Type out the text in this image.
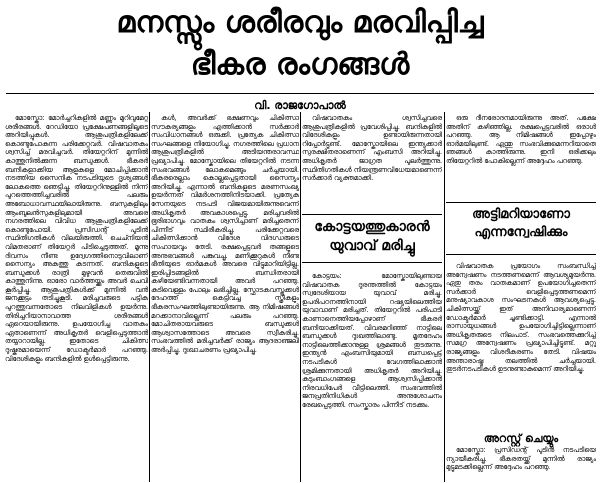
മനസ്സും ശരീരവും മരവിപ്പിച്ച
ഭീകര രംഗങ്ങൾ
വി. രാജഗോപാൽ

മോസ്കോ: മോർച്ചറികളിൽ മണ്ണും മുറിവുമേറ്റ ശരീരങ്ങൾ. റേഡിയോ പ്രക്ഷേപണങ്ങളിലൂടെ അറിയിപ്പുകൾ. ആശുപത്രികളിലേക്ക് കൊണ്ടുപോകുന്ന പരിക്കേറ്റവർ. വിഷവാതകം ശ്വസിച്ച് മരവിച്ചവർ. തിയേറ്ററിന് മുന്നിൽ കാത്തുനിൽക്കുന്ന ബന്ധുക്കൾ. ഭീകരർ ബന്ദികളാക്കിയ ആളുകളെ മോചിപ്പിക്കാൻ നടത്തിയ സൈനിക നടപടിയുടെ ദൃശ്യങ്ങൾ ലോകത്തെ ഞെട്ടിച്ചു. തിയേറ്ററിനുള്ളിൽ നിന്ന് പുറത്തെത്തിച്ചവരിൽ പലരും അബോധാവസ്ഥയിലായിരുന്നു. ബസുകളിലും ആംബുലൻസുകളിലുമായി അവരെ നഗരത്തിലെ വിവിധ ആശുപത്രികളിലേക്ക് കൊണ്ടുപോയി. പ്രസിഡന്റ് പുടിൻ സ്ഥിതിഗതികൾ വിലയിരുത്തി. ചെച്നിയൻ വിമതരാണ് തിയേറ്റർ പിടിച്ചെടുത്തത്. മൂന്നു ദിവസം നീണ്ട ഉദ്വേഗത്തിനൊടുവിലാണ് സൈന്യം അകത്തു കടന്നത്. ബന്ദികളുടെ ബന്ധുക്കൾ രാത്രി മുഴുവൻ തെരുവിൽ കാത്തുനിന്നു. ഓരോ വാർത്തയ്ക്കും അവർ ചെവി കൂർപ്പിച്ചു. ആശുപത്രികൾക്ക് മുന്നിൽ വൻ ജനക്കൂട്ടം തടിച്ചുകൂടി. മരിച്ചവരുടെ പട്ടിക പുറത്തുവന്നതോടെ നിലവിളികൾ ഉയർന്നു. തിരിച്ചറിയാനാവാത്ത ശരീരങ്ങൾ ഏറെയായിരുന്നു. ഉപയോഗിച്ച വാതകം ഏതാണെന്ന് അധികൃതർ വെളിപ്പെടുത്താൻ തയ്യാറായില്ല. ഇതോടെ ചികിത്സ ദുഷ്കരമായെന്ന് ഡോക്ടർമാർ പറഞ്ഞു. വിദേശികളും ബന്ദികളിൽ ഉൾപ്പെട്ടിരുന്നു.

കൾ, അവർക്ക് ഭക്ഷണവും ചികിത്സാ സൗകര്യങ്ങളും എത്തിക്കാൻ സർക്കാർ സംവിധാനങ്ങൾ ഒരുക്കി. പ്രത്യേക ചികിത്സാ സംഘങ്ങളെ നിയോഗിച്ചു. നഗരത്തിലെ പ്രധാന ആശുപത്രികളിൽ അടിയന്തരാവസ്ഥ പ്രഖ്യാപിച്ചു. മോസ്കോയിലെ തിയേറ്ററിൽ നടന്ന സംഭവങ്ങൾ ലോകമെങ്ങും ചർച്ചയായി. ഭീകരരെല്ലാം കൊല്ലപ്പെട്ടതായി സൈന്യം അറിയിച്ചു. എന്നാൽ ബന്ദികളുടെ മരണസംഖ്യ ഉയർന്നത് വിമർശനത്തിനിടയാക്കി. പ്രത്യേക സേനയുടെ നടപടി വിജയമായിരുന്നുവെന്ന് അധികൃതർ അവകാശപ്പെട്ടു. മരിച്ചവരിൽ ഭൂരിഭാഗവും വാതകം ശ്വസിച്ചാണ് മരിച്ചതെന്ന് പിന്നീട് സ്ഥിരീകരിച്ചു. പരിക്കേറ്റവരെ ചികിത്സിക്കാൻ വിദേശ വിദഗ്ധരുടെ സഹായവും തേടി. രക്ഷപ്പെട്ടവർ തങ്ങളുടെ അനുഭവങ്ങൾ പങ്കുവച്ചു. മണിക്കൂറുകൾ നീണ്ട ഭീതിയുടെ ഓർമകൾ അവരെ വിട്ടുമാറിയിട്ടില്ല. ഇരിപ്പിടങ്ങളിൽ ബന്ധിതരായി കഴിയേണ്ടിവന്നതായി അവർ പറഞ്ഞു. കുടിവെള്ളം പോലും ലഭിച്ചില്ല. സ്ഫോടകവസ്തുക്കൾ ദേഹത്ത് കെട്ടിവച്ച സ്ത്രീകളും ഭീകരസംഘത്തിലുണ്ടായിരുന്നു. ആ നിമിഷങ്ങൾ മറക്കാനാവില്ലെന്ന് പലരും പറഞ്ഞു. മോചിതരായവരുടെ ബന്ധുക്കൾ ആശ്വാസത്തോടെ അവരെ സ്വീകരിച്ചു. സംഭവത്തിൽ മരിച്ചവർക്ക് രാജ്യം ആദരാഞ്ജലി അർപ്പിച്ചു. ദുഃഖാചരണം പ്രഖ്യാപിച്ചു.

വിഷവാതകം ശ്വസിച്ചവരെ ആശുപത്രികളിൽ പ്രവേശിപ്പിച്ചു. ബന്ദികളിൽ വിദേശികളും ഉണ്ടായിരുന്നതായി റിപ്പോർട്ടുണ്ട്. മോസ്കോയിലെ ഇന്ത്യക്കാർ സുരക്ഷിതരാണെന്ന് എംബസി അറിയിച്ചു. അധികൃതർ ജാഗ്രത പുലർത്തുന്നു. സ്ഥിതിഗതികൾ നിയന്ത്രണവിധേയമാണെന്ന് സർക്കാർ വ്യക്തമാക്കി.

കോട്ടയത്തുകാരൻ
യുവാവ് മരിച്ചു

കോട്ടയം: മോസ്കോയിലുണ്ടായ വിഷവാതക ദുരന്തത്തിൽ കോട്ടയം സ്വദേശിയായ യുവാവ് മരിച്ചു. ഉപരിപഠനത്തിനായി റഷ്യയിലെത്തിയ യുവാവാണ് മരിച്ചത്. തിയേറ്ററിൽ പരിപാടി കാണാനെത്തിയപ്പോഴാണ് ഭീകരർ ബന്ദിയാക്കിയത്. വിവരമറിഞ്ഞ് നാട്ടിലെ ബന്ധുക്കൾ ദുഃഖത്തിലാണ്ടു. മൃതദേഹം നാട്ടിലെത്തിക്കാനുള്ള ശ്രമങ്ങൾ തുടരുന്നു. ഇന്ത്യൻ എംബസിയുമായി ബന്ധപ്പെട്ട് നടപടികൾ വേഗത്തിലാക്കാൻ ശ്രമിക്കുന്നതായി അധികൃതർ അറിയിച്ചു. കുടുംബാംഗങ്ങളെ ആശ്വസിപ്പിക്കാൻ നിരവധിപേർ വീട്ടിലെത്തി. സംഭവത്തിൽ ജനപ്രതിനിധികൾ അനുശോചനം രേഖപ്പെടുത്തി. സംസ്കാരം പിന്നീട് നടക്കും.

ഒരു ദീനരോദനമായിരുന്നു അത്. പക്ഷേ അതിന് കഴിഞ്ഞില്ല. രക്ഷപ്പെട്ടവരിൽ ഒരാൾ പറഞ്ഞു. ആ നിമിഷങ്ങൾ ഇപ്പോഴും ഓർമയിലുണ്ട്. എന്തു സംഭവിക്കുമെന്നറിയാതെ ഞങ്ങൾ കാത്തിരുന്നു. ഇനി ഒരിക്കലും തിയേറ്ററിൽ പോകില്ലെന്ന് അദ്ദേഹം പറഞ്ഞു.

അട്ടിമറിയാണോ
എന്നന്വേഷിക്കും

വിഷവാതക പ്രയോഗം സംബന്ധിച്ച് അന്വേഷണം നടത്തണമെന്ന് ആവശ്യമുയർന്നു. ഏതു തരം വാതകമാണ് ഉപയോഗിച്ചതെന്ന് സർക്കാർ വെളിപ്പെടുത്തണമെന്ന് മനുഷ്യാവകാശ സംഘടനകൾ ആവശ്യപ്പെട്ടു. ചികിത്സയ്ക്ക് ഇത് അനിവാര്യമാണെന്ന് ഡോക്ടർമാർ ചൂണ്ടിക്കാട്ടി. എന്നാൽ രാസായുധങ്ങൾ ഉപയോഗിച്ചിട്ടില്ലെന്നാണ് അധികൃതരുടെ നിലപാട്. സംഭവത്തെക്കുറിച്ച് സമഗ്ര അന്വേഷണം പ്രഖ്യാപിച്ചിട്ടുണ്ട്. മറ്റു രാജ്യങ്ങളും വിശദീകരണം തേടി. വിഷയം അന്താരാഷ്ട്ര തലത്തിൽ ചർച്ചയായി. തുടർനടപടികൾ ഉടനുണ്ടാകുമെന്ന് അറിയിച്ചു.

അറസ്റ്റ് ചെയ്യും

മോസ്കോ: പ്രസിഡന്റ് പുടിൻ നടപടിയെ ന്യായീകരിച്ചു. ഭീകരതയ്ക്ക് മുന്നിൽ രാജ്യം മുട്ടുമടക്കില്ലെന്ന് അദ്ദേഹം പറഞ്ഞു.
